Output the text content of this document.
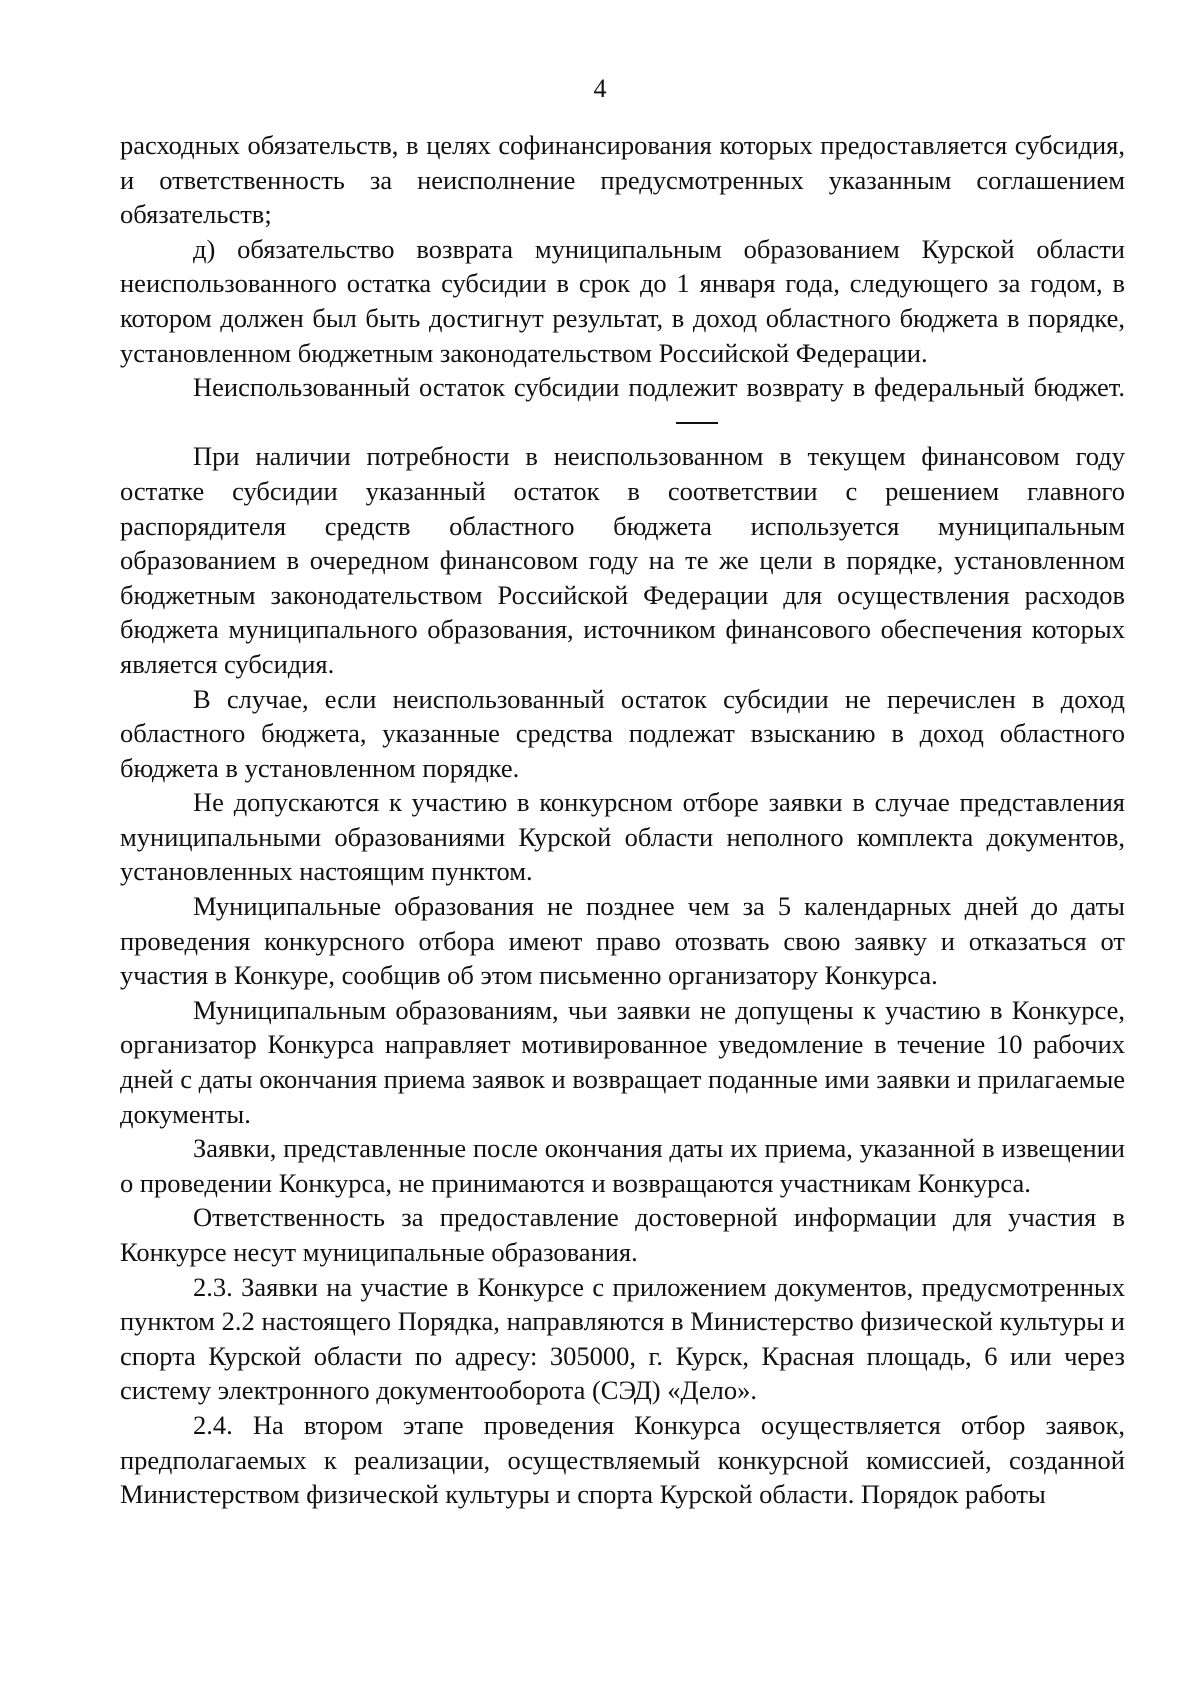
4

расходных обязательств, в целях софинансирования которых предоставляется субсидия, и ответственность за неисполнение предусмотренных указанным соглашением обязательств;

д) обязательство возврата муниципальным образованием Курской области неиспользованного остатка субсидии в срок до 1 января года, следующего за годом, в котором должен был быть достигнут результат, в доход областного бюджета в порядке, установленном бюджетным законодательством Российской Федерации.

Неиспользованный остаток субсидии подлежит возврату в федеральный бюджет.

При наличии потребности в неиспользованном в текущем финансовом году остатке субсидии указанный остаток в соответствии с решением главного распорядителя средств областного бюджета используется муниципальным образованием в очередном финансовом году на те же цели в порядке, установленном бюджетным законодательством Российской Федерации для осуществления расходов бюджета муниципального образования, источником финансового обеспечения которых является субсидия.

В случае, если неиспользованный остаток субсидии не перечислен в доход областного бюджета, указанные средства подлежат взысканию в доход областного бюджета в установленном порядке.

Не допускаются к участию в конкурсном отборе заявки в случае представления муниципальными образованиями Курской области неполного комплекта документов, установленных настоящим пунктом.

Муниципальные образования не позднее чем за 5 календарных дней до даты проведения конкурсного отбора имеют право отозвать свою заявку и отказаться от участия в Конкуре, сообщив об этом письменно организатору Конкурса.

Муниципальным образованиям, чьи заявки не допущены к участию в Конкурсе, организатор Конкурса направляет мотивированное уведомление в течение 10 рабочих дней с даты окончания приема заявок и возвращает поданные ими заявки и прилагаемые документы.

Заявки, представленные после окончания даты их приема, указанной в извещении о проведении Конкурса, не принимаются и возвращаются участникам Конкурса.

Ответственность за предоставление достоверной информации для участия в Конкурсе несут муниципальные образования.

2.3. Заявки на участие в Конкурсе с приложением документов, предусмотренных пунктом 2.2 настоящего Порядка, направляются в Министерство физической культуры и спорта Курской области по адресу: 305000, г. Курск, Красная площадь, 6 или через систему электронного документооборота (СЭД) «Дело».

2.4. На втором этапе проведения Конкурса осуществляется отбор заявок, предполагаемых к реализации, осуществляемый конкурсной комиссией, созданной Министерством физической культуры и спорта Курской области. Порядок работы
